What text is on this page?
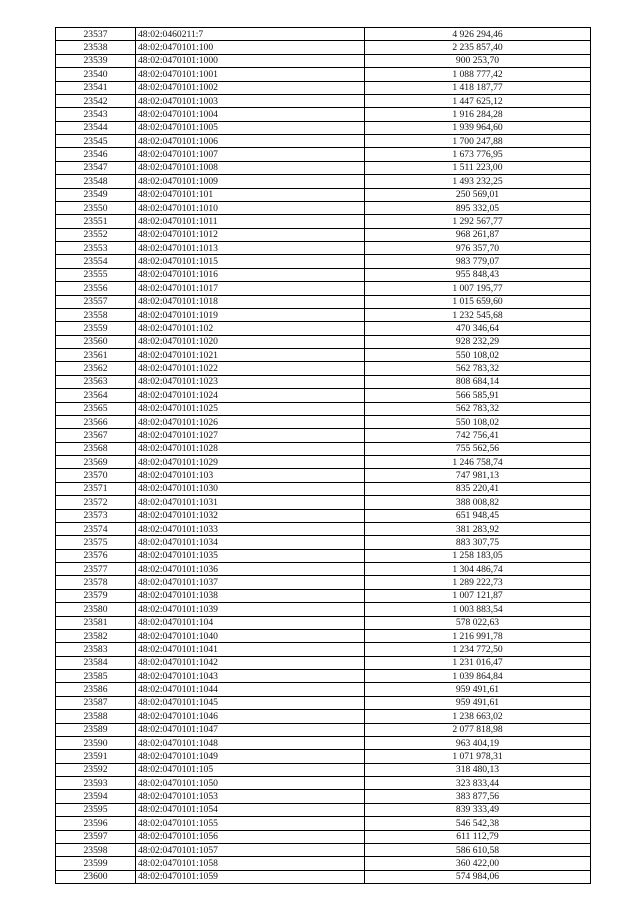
23537	48:02:0460211:7	4 926 294,46
23538	48:02:0470101:100	2 235 857,40
23539	48:02:0470101:1000	900 253,70
23540	48:02:0470101:1001	1 088 777,42
23541	48:02:0470101:1002	1 418 187,77
23542	48:02:0470101:1003	1 447 625,12
23543	48:02:0470101:1004	1 916 284,28
23544	48:02:0470101:1005	1 939 964,60
23545	48:02:0470101:1006	1 700 247,88
23546	48:02:0470101:1007	1 673 776,95
23547	48:02:0470101:1008	1 511 223,00
23548	48:02:0470101:1009	1 493 232,25
23549	48:02:0470101:101	250 569,01
23550	48:02:0470101:1010	895 332,05
23551	48:02:0470101:1011	1 292 567,77
23552	48:02:0470101:1012	968 261,87
23553	48:02:0470101:1013	976 357,70
23554	48:02:0470101:1015	983 779,07
23555	48:02:0470101:1016	955 848,43
23556	48:02:0470101:1017	1 007 195,77
23557	48:02:0470101:1018	1 015 659,60
23558	48:02:0470101:1019	1 232 545,68
23559	48:02:0470101:102	470 346,64
23560	48:02:0470101:1020	928 232,29
23561	48:02:0470101:1021	550 108,02
23562	48:02:0470101:1022	562 783,32
23563	48:02:0470101:1023	808 684,14
23564	48:02:0470101:1024	566 585,91
23565	48:02:0470101:1025	562 783,32
23566	48:02:0470101:1026	550 108,02
23567	48:02:0470101:1027	742 756,41
23568	48:02:0470101:1028	755 562,56
23569	48:02:0470101:1029	1 246 758,74
23570	48:02:0470101:103	747 981,13
23571	48:02:0470101:1030	835 220,41
23572	48:02:0470101:1031	388 008,82
23573	48:02:0470101:1032	651 948,45
23574	48:02:0470101:1033	381 283,92
23575	48:02:0470101:1034	883 307,75
23576	48:02:0470101:1035	1 258 183,05
23577	48:02:0470101:1036	1 304 486,74
23578	48:02:0470101:1037	1 289 222,73
23579	48:02:0470101:1038	1 007 121,87
23580	48:02:0470101:1039	1 003 883,54
23581	48:02:0470101:104	578 022,63
23582	48:02:0470101:1040	1 216 991,78
23583	48:02:0470101:1041	1 234 772,50
23584	48:02:0470101:1042	1 231 016,47
23585	48:02:0470101:1043	1 039 864,84
23586	48:02:0470101:1044	959 491,61
23587	48:02:0470101:1045	959 491,61
23588	48:02:0470101:1046	1 238 663,02
23589	48:02:0470101:1047	2 077 818,98
23590	48:02:0470101:1048	963 404,19
23591	48:02:0470101:1049	1 071 978,31
23592	48:02:0470101:105	318 480,13
23593	48:02:0470101:1050	323 833,44
23594	48:02:0470101:1053	383 877,56
23595	48:02:0470101:1054	839 333,49
23596	48:02:0470101:1055	546 542,38
23597	48:02:0470101:1056	611 112,79
23598	48:02:0470101:1057	586 610,58
23599	48:02:0470101:1058	360 422,00
23600	48:02:0470101:1059	574 984,06
